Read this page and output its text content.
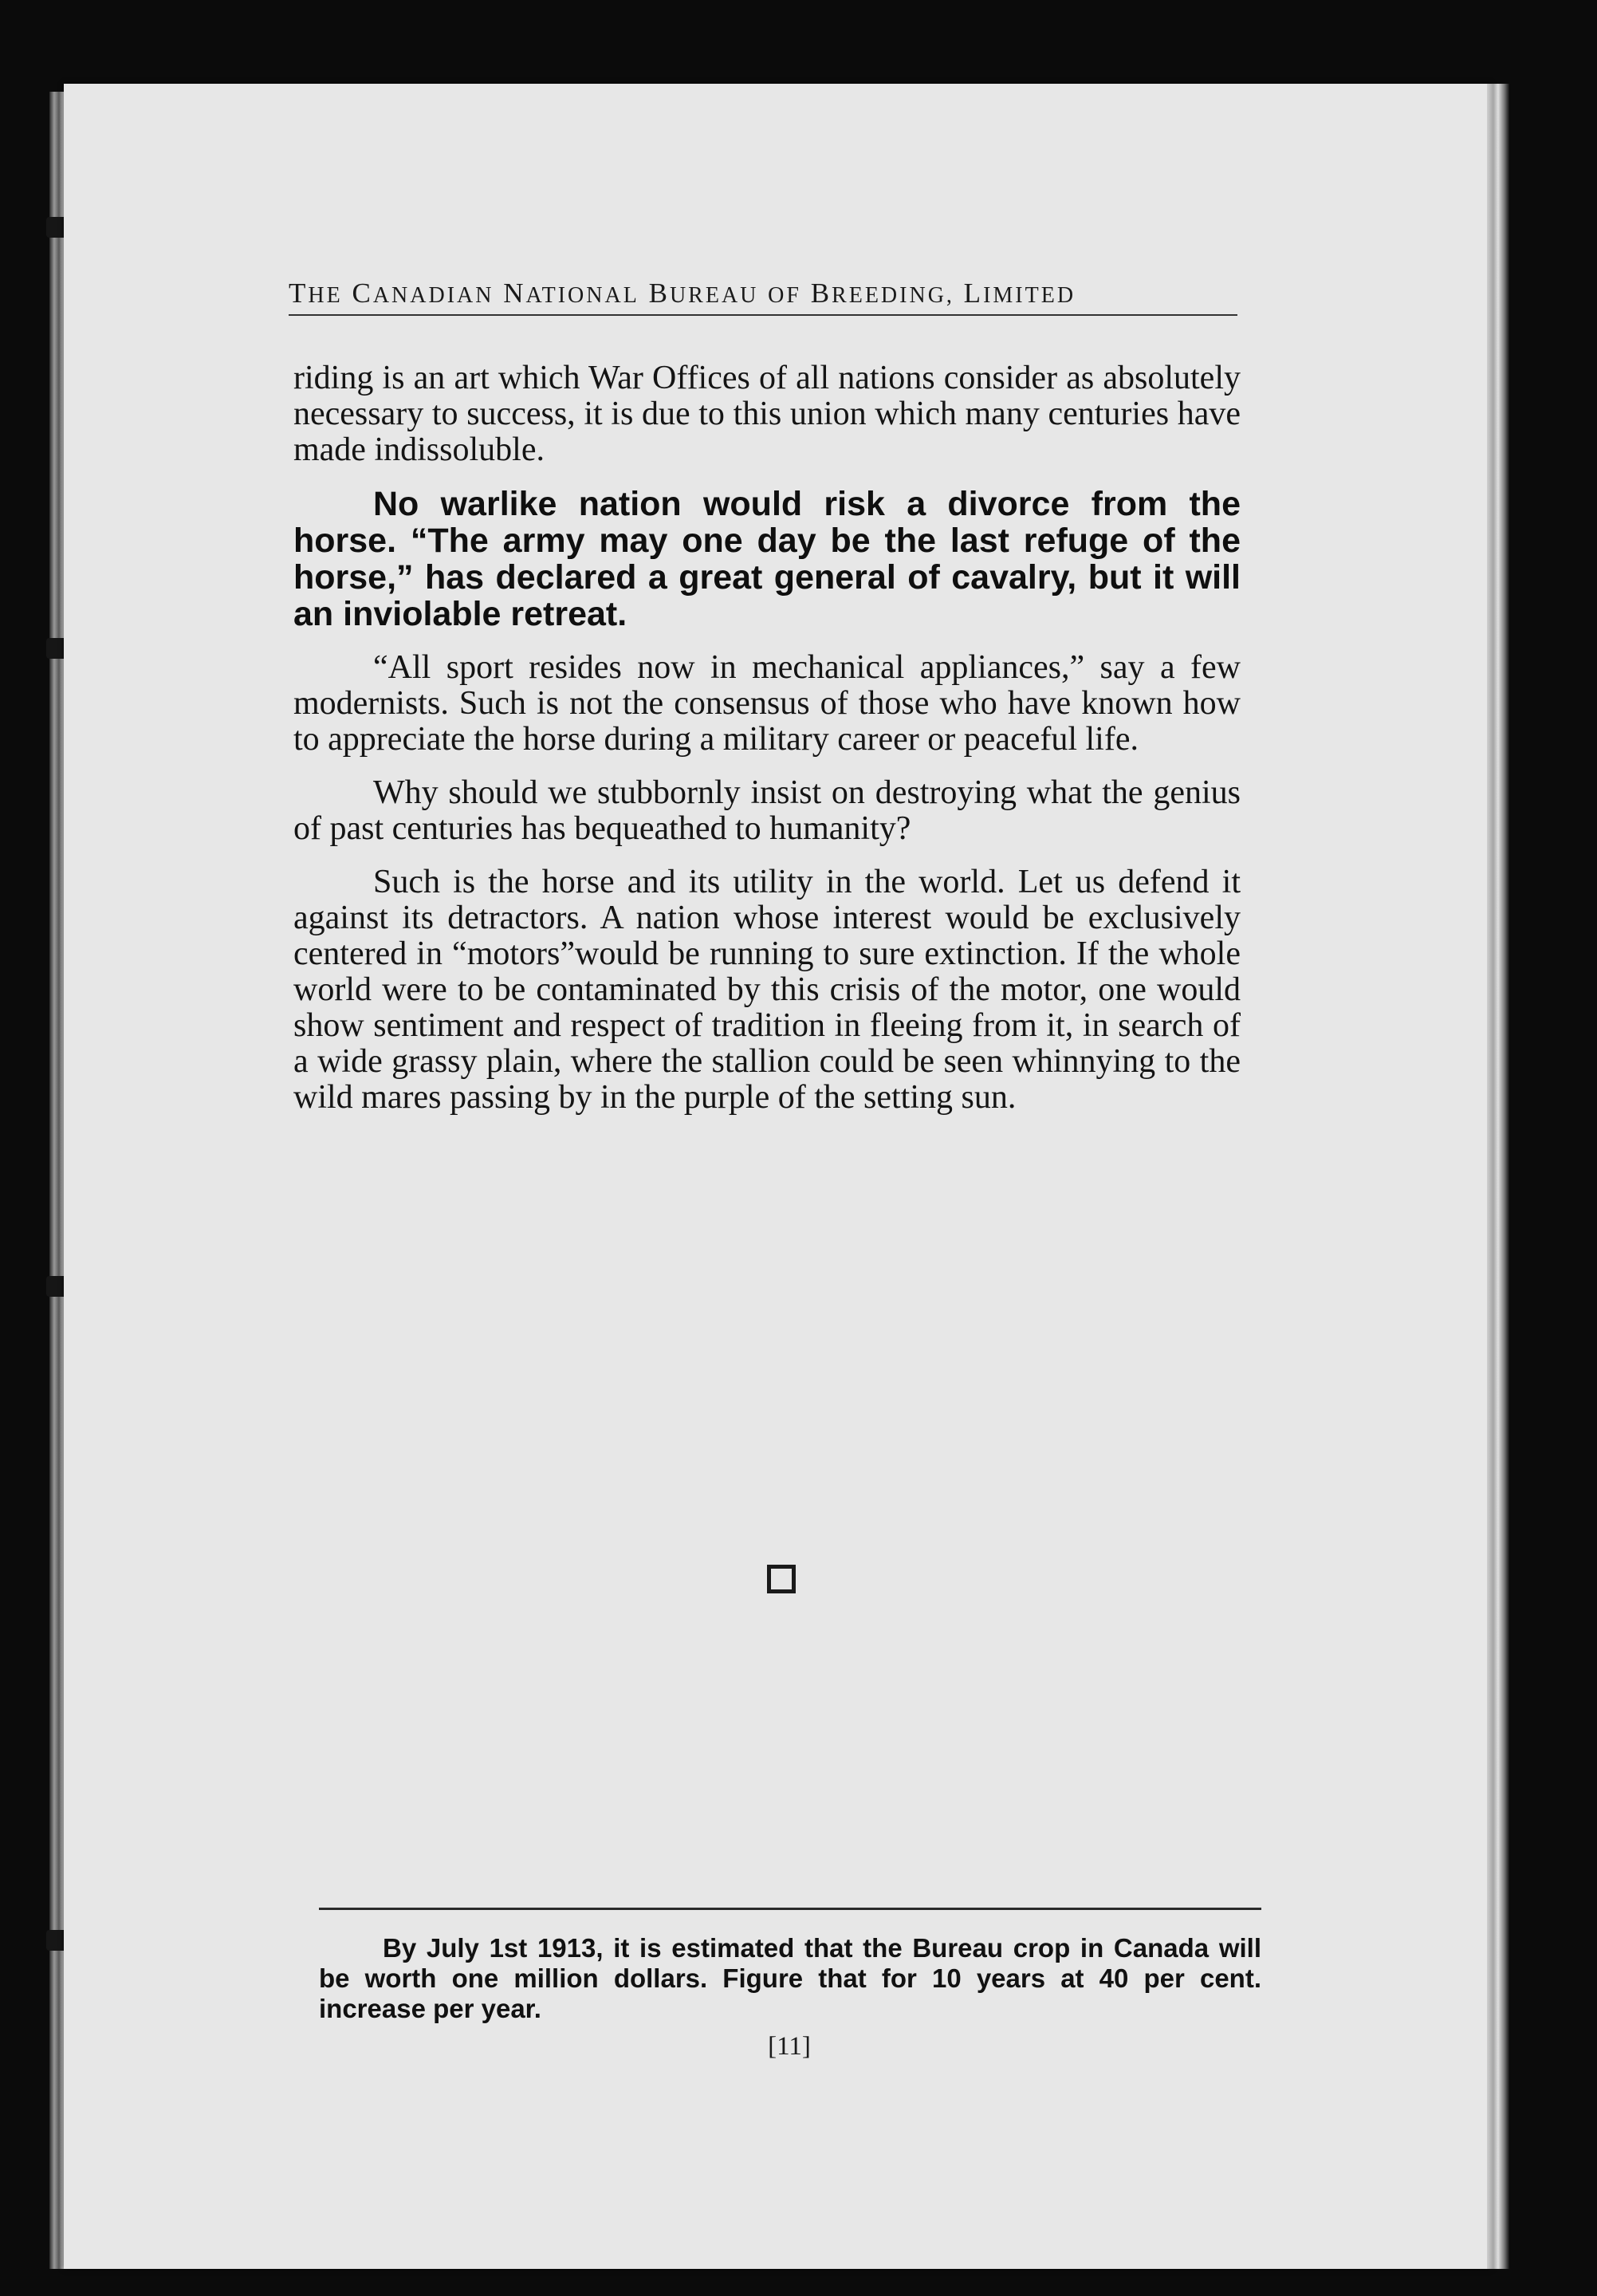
THE CANADIAN NATIONAL BUREAU OF BREEDING, LIMITED

riding is an art which War Offices of all nations consider as absolutely necessary to success, it is due to this union which many centuries have made indissoluble.

No warlike nation would risk a divorce from the horse. “The army may one day be the last refuge of the horse,” has declared a great general of cavalry, but it will an inviolable retreat.

“All sport resides now in mechanical appliances,” say a few modernists. Such is not the consensus of those who have known how to appreciate the horse during a military career or peaceful life.

Why should we stubbornly insist on destroying what the genius of past centuries has bequeathed to humanity?

Such is the horse and its utility in the world. Let us defend it against its detractors. A nation whose interest would be exclusively centered in “motors”would be running to sure extinction. If the whole world were to be contaminated by this crisis of the motor, one would show sentiment and respect of tradition in fleeing from it, in search of a wide grassy plain, where the stallion could be seen whinnying to the wild mares passing by in the purple of the setting sun.

By July 1st 1913, it is estimated that the Bureau crop in Canada will be worth one million dollars. Figure that for 10 years at 40 per cent. increase per year.
[11]
